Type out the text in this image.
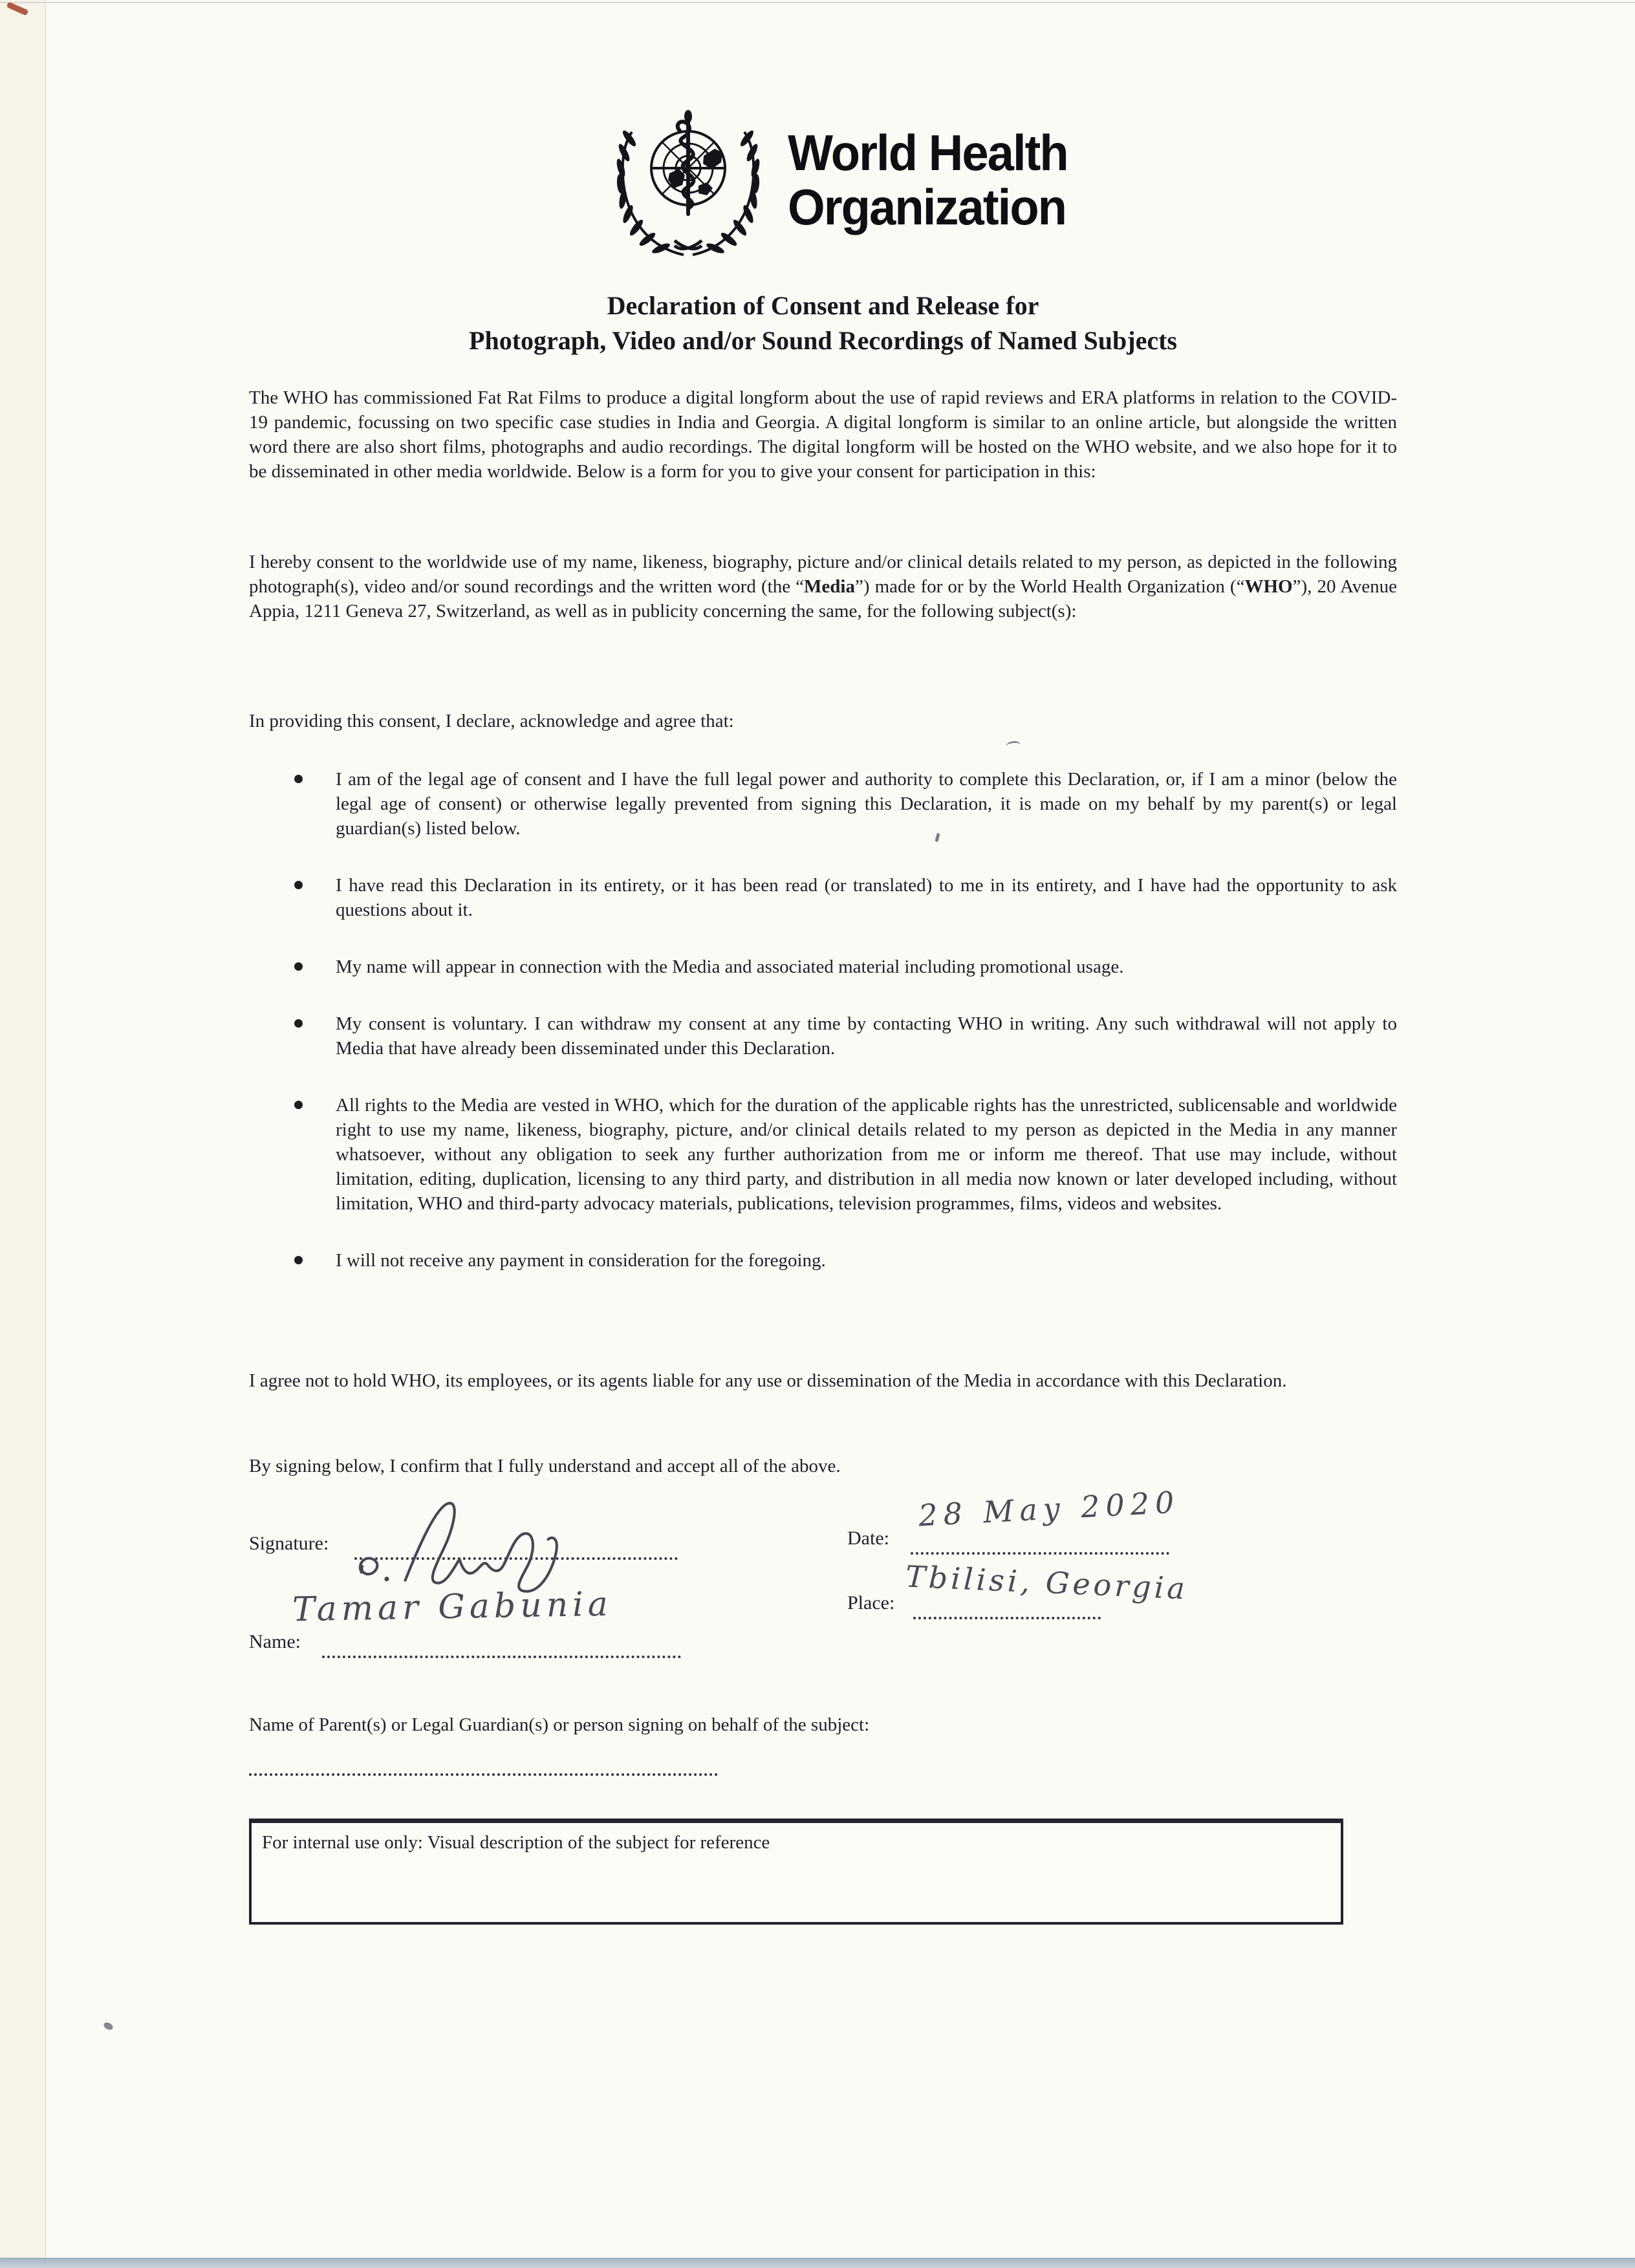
World Health
Organization
Declaration of Consent and Release for
Photograph, Video and/or Sound Recordings of Named Subjects
The WHO has commissioned Fat Rat Films to produce a digital longform about the use of rapid reviews and ERA platforms in relation to the COVID-19 pandemic, focussing on two specific case studies in India and Georgia. A digital longform is similar to an online article, but alongside the written word there are also short films, photographs and audio recordings. The digital longform will be hosted on the WHO website, and we also hope for it to be disseminated in other media worldwide. Below is a form for you to give your consent for participation in this:
I hereby consent to the worldwide use of my name, likeness, biography, picture and/or clinical details related to my person, as depicted in the following photograph(s), video and/or sound recordings and the written word (the “Media”) made for or by the World Health Organization (“WHO”), 20 Avenue Appia, 1211 Geneva 27, Switzerland, as well as in publicity concerning the same, for the following subject(s):
In providing this consent, I declare, acknowledge and agree that:
I am of the legal age of consent and I have the full legal power and authority to complete this Declaration, or, if I am a minor (below the legal age of consent) or otherwise legally prevented from signing this Declaration, it is made on my behalf by my parent(s) or legal guardian(s) listed below.
I have read this Declaration in its entirety, or it has been read (or translated) to me in its entirety, and I have had the opportunity to ask questions about it.
My name will appear in connection with the Media and associated material including promotional usage.
My consent is voluntary. I can withdraw my consent at any time by contacting WHO in writing. Any such withdrawal will not apply to Media that have already been disseminated under this Declaration.
All rights to the Media are vested in WHO, which for the duration of the applicable rights has the unrestricted, sublicensable and worldwide right to use my name, likeness, biography, picture, and/or clinical details related to my person as depicted in the Media in any manner whatsoever, without any obligation to seek any further authorization from me or inform me thereof. That use may include, without limitation, editing, duplication, licensing to any third party, and distribution in all media now known or later developed including, without limitation, WHO and third-party advocacy materials, publications, television programmes, films, videos and websites.
I will not receive any payment in consideration for the foregoing.
I agree not to hold WHO, its employees, or its agents liable for any use or dissemination of the Media in accordance with this Declaration.
By signing below, I confirm that I fully understand and accept all of the above.
Signature:	Date:
Place:
Name:
28 May 2020
Tbilisi, Georgia
Tamar Gabunia
Name of Parent(s) or Legal Guardian(s) or person signing on behalf of the subject:
For internal use only: Visual description of the subject for reference
